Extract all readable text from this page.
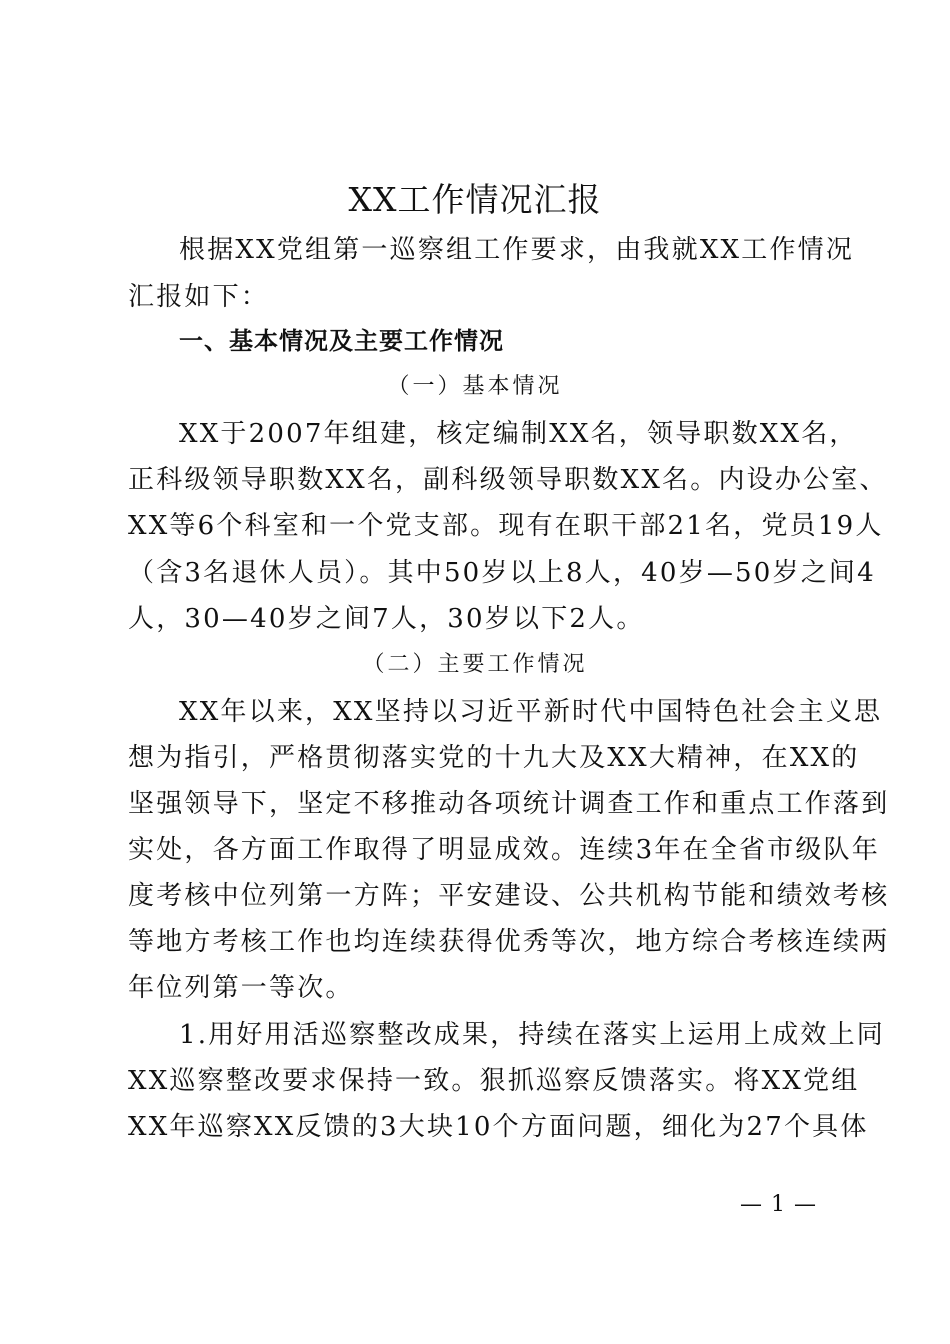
XX工作情况汇报
根据XX党组第一巡察组工作要求，由我就XX工作情况
汇报如下：
一、基本情况及主要工作情况
（一）基本情况
XX于2007年组建，核定编制XX名，领导职数XX名，
正科级领导职数XX名，副科级领导职数XX名。内设办公室、
XX等6个科室和一个党支部。现有在职干部21名，党员19人
（含3名退休人员）。其中50岁以上8人，40岁—50岁之间4
人，30—40岁之间7人，30岁以下2人。
（二）主要工作情况
XX年以来，XX坚持以习近平新时代中国特色社会主义思
想为指引，严格贯彻落实党的十九大及XX大精神，在XX的
坚强领导下，坚定不移推动各项统计调查工作和重点工作落到
实处，各方面工作取得了明显成效。连续3年在全省市级队年
度考核中位列第一方阵；平安建设、公共机构节能和绩效考核
等地方考核工作也均连续获得优秀等次，地方综合考核连续两
年位列第一等次。
1.用好用活巡察整改成果，持续在落实上运用上成效上同
XX巡察整改要求保持一致。狠抓巡察反馈落实。将XX党组
XX年巡察XX反馈的3大块10个方面问题，细化为27个具体
— 1 —
